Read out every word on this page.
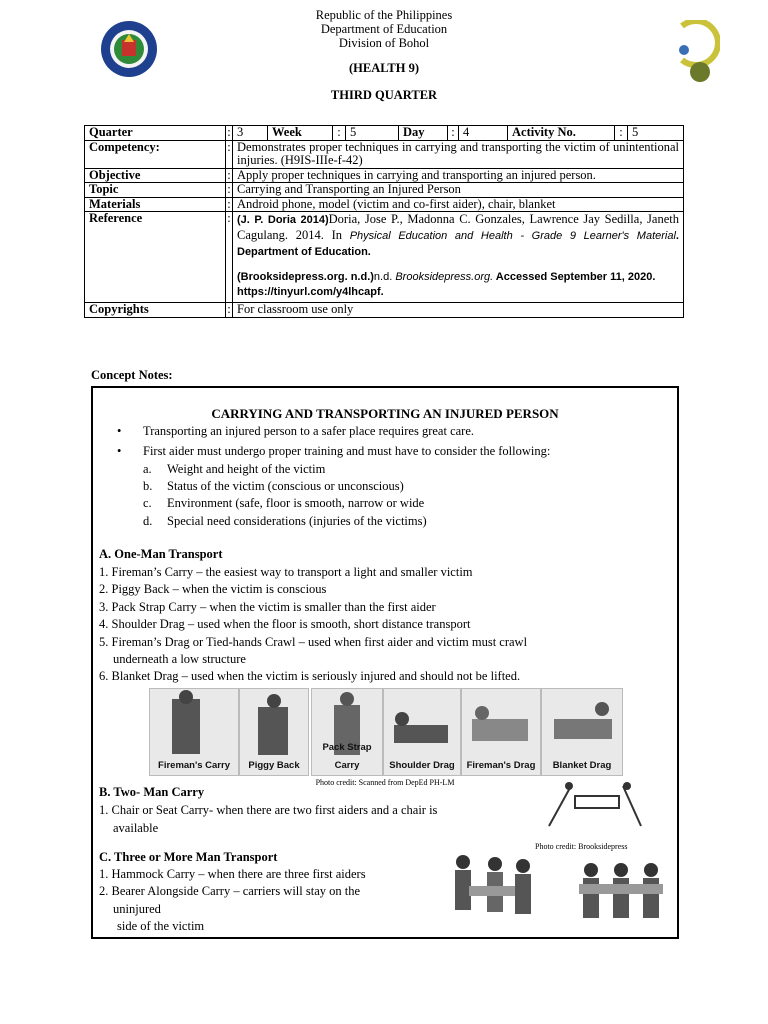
Republic of the Philippines
Department of Education
Division of Bohol
(HEALTH 9)
THIRD QUARTER
Quarter	:	3	Week	:	5	Day	:	4	Activity No.	:	5

Competency:	:	Demonstrates proper techniques in carrying and transporting the victim of unintentional injuries. (H9IS-IIIe-f-42)
Objective	:	Apply proper techniques in carrying and transporting an injured person.
Topic	:	Carrying and Transporting an Injured Person
Materials	:	Android phone, model (victim and co-first aider), chair, blanket
Reference	:	(J. P. Doria 2014)Doria, Jose P., Madonna C. Gonzales, Lawrence Jay Sedilla, Janeth Cagulang. 2014. In Physical Education and Health - Grade 9 Learner's Material. Department of Education.
(Brooksidepress.org. n.d.)n.d. Brooksidepress.org. Accessed September 11, 2020. https://tinyurl.com/y4lhcapf.

Copyrights	:	For classroom use only
Concept Notes:
CARRYING AND TRANSPORTING AN INJURED PERSON
• Transporting an injured person to a safer place requires great care.
• First aider must undergo proper training and must have to consider the following:
a. Weight and height of the victim
b. Status of the victim (conscious or unconscious)
c. Environment (safe, floor is smooth, narrow or wide
d. Special need considerations (injuries of the victims)
A. One-Man Transport
1. Fireman’s Carry – the easiest way to transport a light and smaller victim
2. Piggy Back – when the victim is conscious
3. Pack Strap Carry – when the victim is smaller than the first aider
4. Shoulder Drag – used when the floor is smooth, short distance transport
5. Fireman’s Drag or Tied-hands Crawl – used when first aider and victim must crawl
underneath a low structure
6. Blanket Drag – used when the victim is seriously injured and should not be lifted.
Fireman's Carry	Piggy Back
Pack Strap Carry	Shoulder Drag	Fireman's Drag	Blanket Drag
Photo credit: Scanned from DepEd PH-LM
B. Two- Man Carry
1. Chair or Seat Carry- when there are two first aiders and a chair is
available
Photo credit: Brooksidepress
C. Three or More Man Transport
1. Hammock Carry – when there are three first aiders
2. Bearer Alongside Carry – carriers will stay on the
uninjured
side of the victim
